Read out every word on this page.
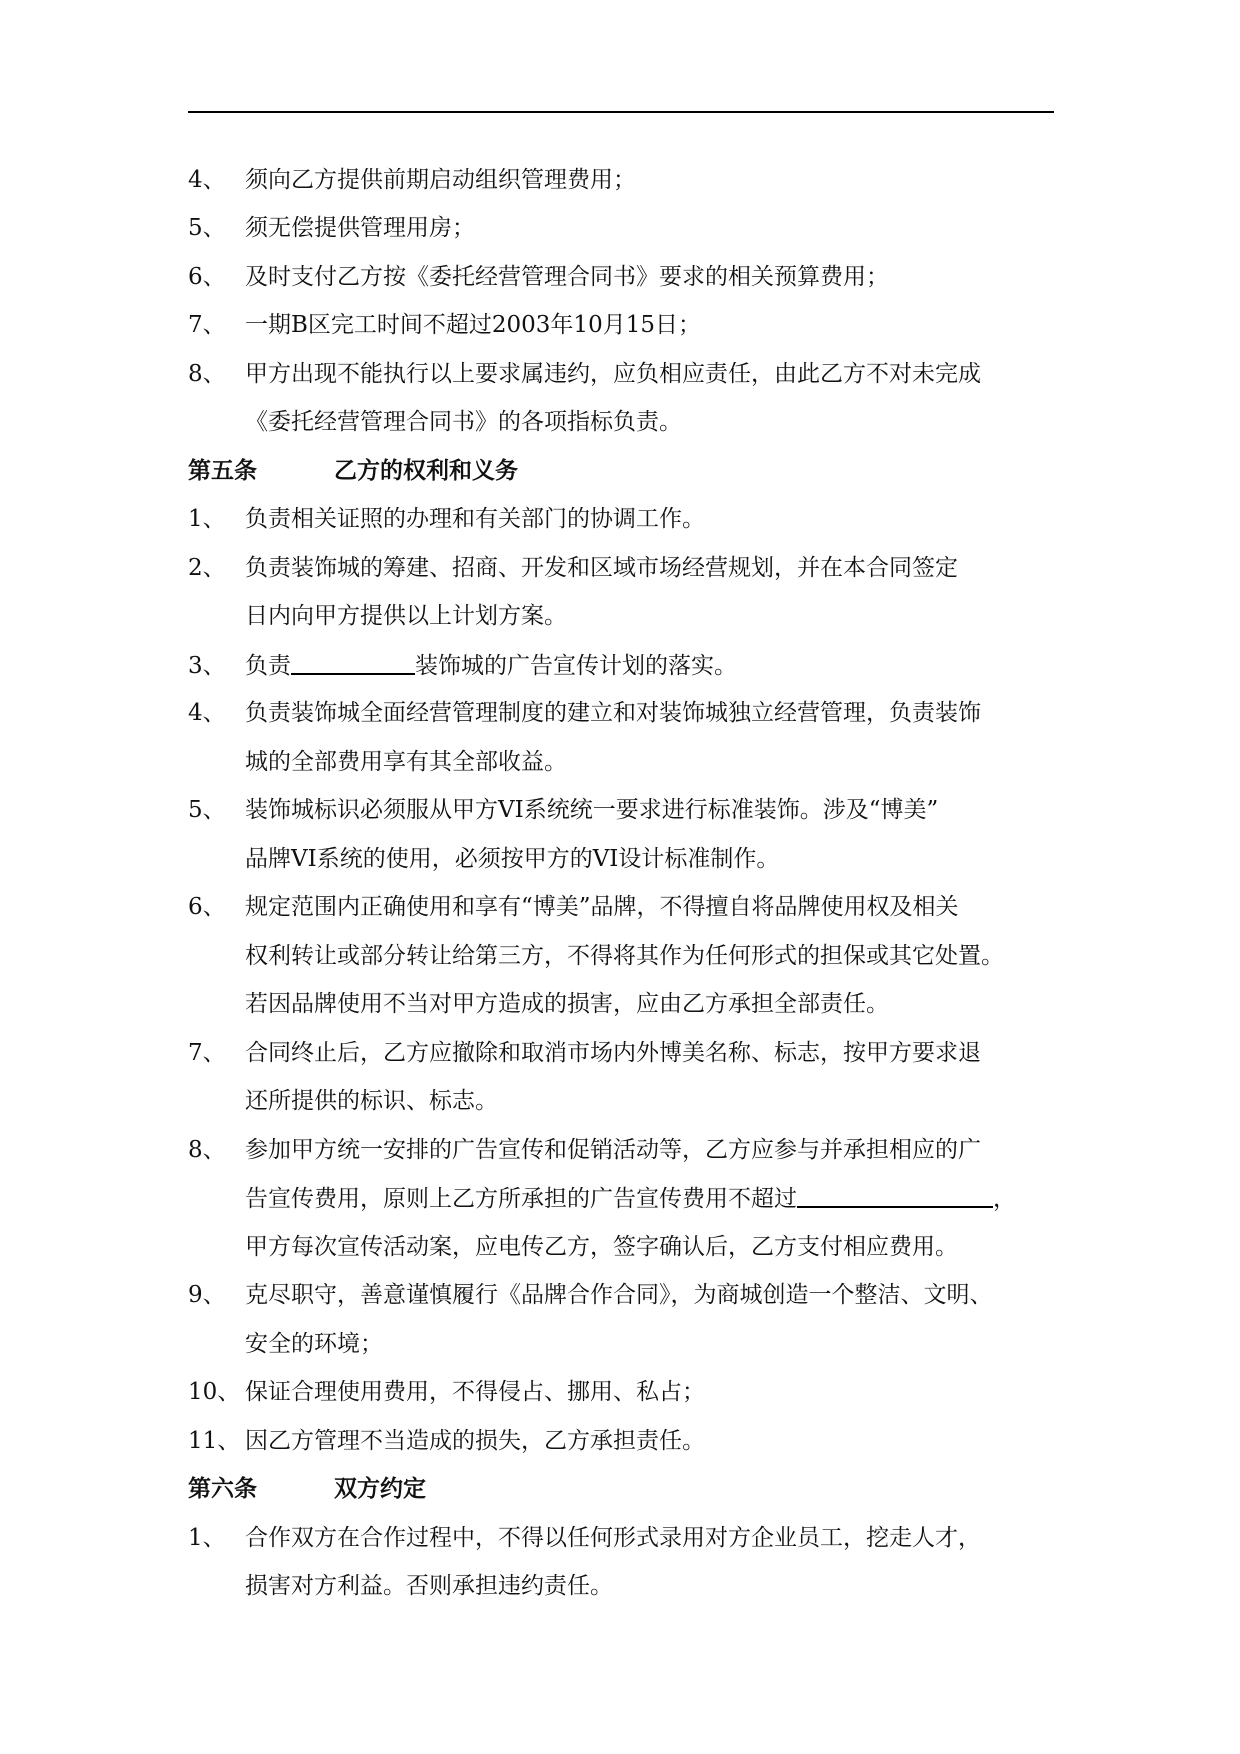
4、 须向乙方提供前期启动组织管理费用；
5、 须无偿提供管理用房；
6、 及时支付乙方按《委托经营管理合同书》要求的相关预算费用；
7、 一期B区完工时间不超过2003年10月15日；
8、 甲方出现不能执行以上要求属违约，应负相应责任，由此乙方不对未完成
《委托经营管理合同书》的各项指标负责。
第五条	乙方的权利和义务
1、 负责相关证照的办理和有关部门的协调工作。
2、 负责装饰城的筹建、招商、开发和区域市场经营规划，并在本合同签定
日内向甲方提供以上计划方案。
3、 负责	装饰城的广告宣传计划的落实。
4、 负责装饰城全面经营管理制度的建立和对装饰城独立经营管理，负责装饰
城的全部费用享有其全部收益。
5、 装饰城标识必须服从甲方VI系统统一要求进行标准装饰。涉及“博美”
品牌VI系统的使用，必须按甲方的VI设计标准制作。
6、 规定范围内正确使用和享有“博美”品牌，不得擅自将品牌使用权及相关
权利转让或部分转让给第三方，不得将其作为任何形式的担保或其它处置。
若因品牌使用不当对甲方造成的损害，应由乙方承担全部责任。
7、 合同终止后，乙方应撤除和取消市场内外博美名称、标志，按甲方要求退
还所提供的标识、标志。
8、 参加甲方统一安排的广告宣传和促销活动等，乙方应参与并承担相应的广
告宣传费用，原则上乙方所承担的广告宣传费用不超过	，
甲方每次宣传活动案，应电传乙方，签字确认后，乙方支付相应费用。
9、 克尽职守，善意谨慎履行《品牌合作合同》，为商城创造一个整洁、文明、
安全的环境；
10、 保证合理使用费用，不得侵占、挪用、私占；
11、 因乙方管理不当造成的损失，乙方承担责任。
第六条	双方约定
1、 合作双方在合作过程中，不得以任何形式录用对方企业员工，挖走人才，
损害对方利益。否则承担违约责任。
